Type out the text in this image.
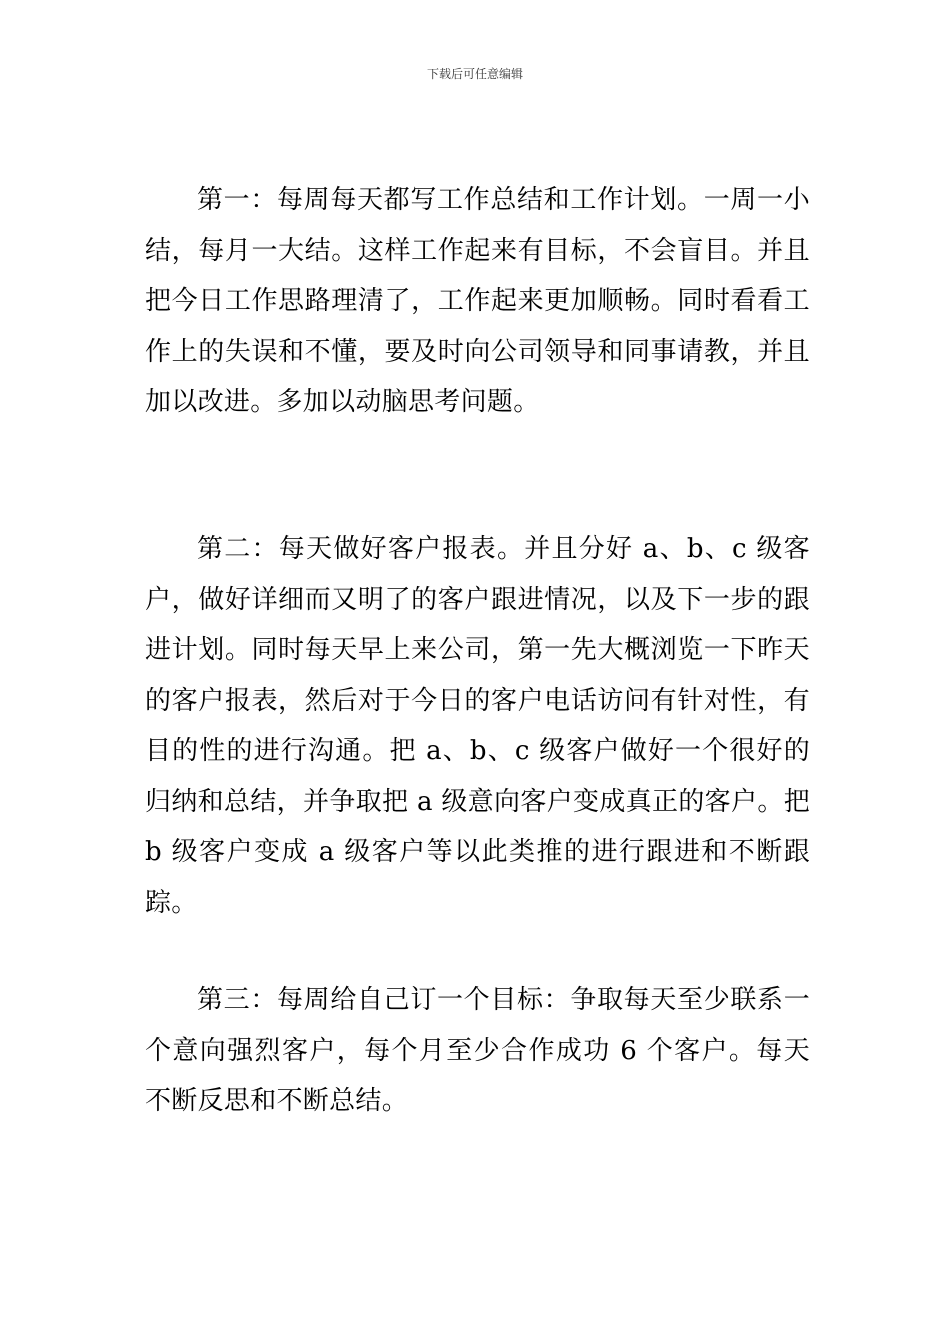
下载后可任意编辑

第一：每周每天都写工作总结和工作计划。一周一小结，每月一大结。这样工作起来有目标，不会盲目。并且把今日工作思路理清了，工作起来更加顺畅。同时看看工作上的失误和不懂，要及时向公司领导和同事请教，并且加以改进。多加以动脑思考问题。

第二：每天做好客户报表。并且分好 a、b、c 级客户，做好详细而又明了的客户跟进情况，以及下一步的跟进计划。同时每天早上来公司，第一先大概浏览一下昨天的客户报表，然后对于今日的客户电话访问有针对性，有目的性的进行沟通。把 a、b、c 级客户做好一个很好的归纳和总结，并争取把 a 级意向客户变成真正的客户。把 b 级客户变成 a 级客户等以此类推的进行跟进和不断跟踪。

第三：每周给自己订一个目标：争取每天至少联系一个意向强烈客户，每个月至少合作成功 6 个客户。每天不断反思和不断总结。
